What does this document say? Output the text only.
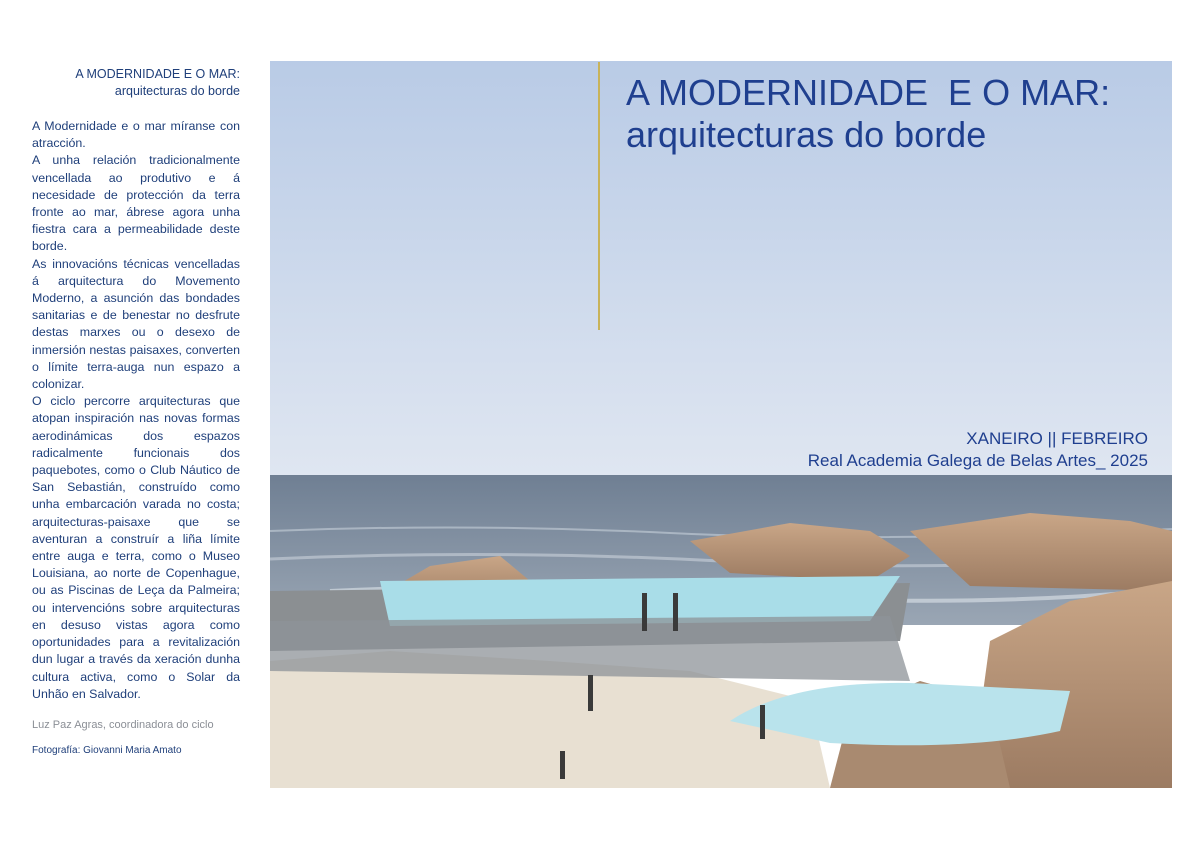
A MODERNIDADE E O MAR:

arquitecturas do borde

A Modernidade e o mar míranse con atracción.

A unha relación tradicionalmente vencellada ao produtivo e á necesidade de protección da terra fronte ao mar, ábrese agora unha fiestra cara a permeabilidade deste borde.

As innovacións técnicas vencelladas á arquitectura do Movemento Moderno, a asunción das bondades sanitarias e de benestar no desfrute destas marxes ou o desexo de inmersión nestas paisaxes, converten o límite terra-auga nun espazo a colonizar.

O ciclo percorre arquitecturas que atopan inspiración nas novas formas aerodinámicas dos espazos radicalmente funcionais dos paquebotes, como o Club Náutico de San Sebastián, construído como unha embarcación varada no costa; arquitecturas-paisaxe que se aventuran a construír a liña límite entre auga e terra, como o Museo Louisiana, ao norte de Copenhague, ou as Piscinas de Leça da Palmeira; ou intervencións sobre arquitecturas en desuso vistas agora como oportunidades para a revitalización dun lugar a través da xeración dunha cultura activa, como o Solar da Unhão en Salvador.

Luz Paz Agras, coordinadora do ciclo
Fotografía: Giovanni Maria Amato
A MODERNIDADE  E O MAR:
arquitecturas do borde
XANEIRO || FEBREIRO
Real Academia Galega de Belas Artes_ 2025
